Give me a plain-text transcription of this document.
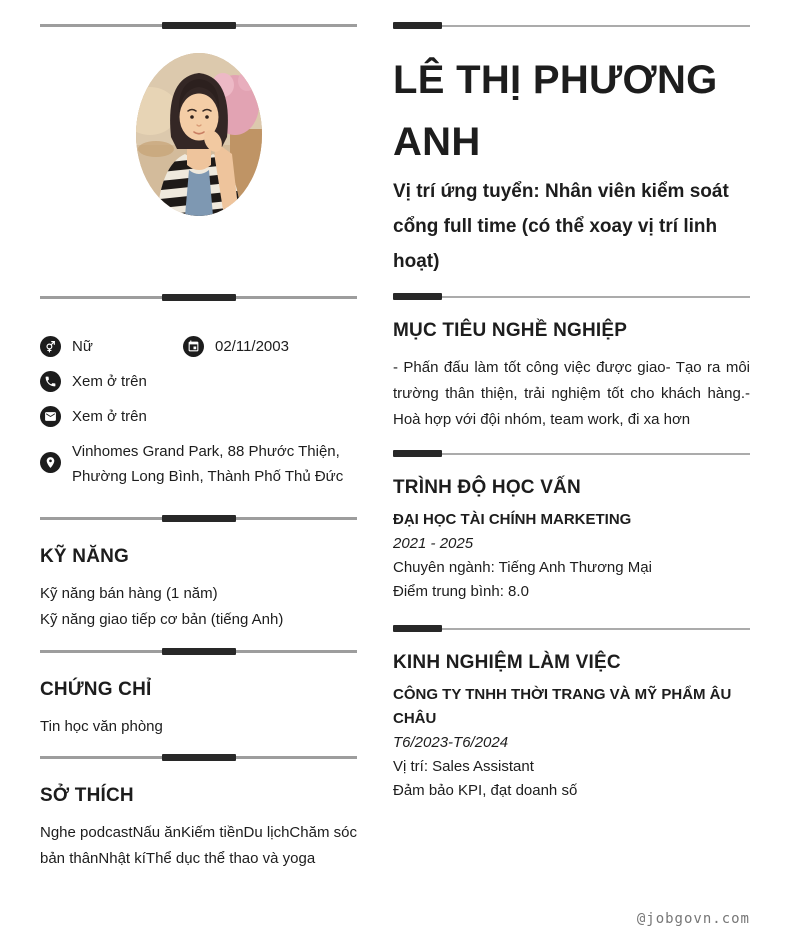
Nữ	02/11/2003
Xem ở trên
Xem ở trên
Vinhomes Grand Park, 88 Phước Thiện, Phường Long Bình, Thành Phố Thủ Đức
KỸ NĂNG
Kỹ năng bán hàng (1 năm)
Kỹ năng giao tiếp cơ bản (tiếng Anh)
CHỨNG CHỈ
Tin học văn phòng
SỞ THÍCH
Nghe podcastNấu ănKiếm tiềnDu lịchChăm sóc bản thânNhật kíThể dục thể thao và yoga
LÊ THỊ PHƯƠNG ANH
Vị trí ứng tuyển: Nhân viên kiểm soát cổng full time (có thể xoay vị trí linh hoạt)
MỤC TIÊU NGHỀ NGHIỆP
- Phấn đấu làm tốt công việc được giao- Tạo ra môi trường thân thiện, trải nghiệm tốt cho khách hàng.- Hoà hợp với đội nhóm, team work, đi xa hơn
TRÌNH ĐỘ HỌC VẤN
ĐẠI HỌC TÀI CHÍNH MARKETING
2021 - 2025
Chuyên ngành: Tiếng Anh Thương Mại
Điểm trung bình: 8.0
KINH NGHIỆM LÀM VIỆC
CÔNG TY TNHH THỜI TRANG VÀ MỸ PHẨM ÂU CHÂU
T6/2023-T6/2024
Vị trí: Sales Assistant
Đảm bảo KPI, đạt doanh số
@jobgovn.com
